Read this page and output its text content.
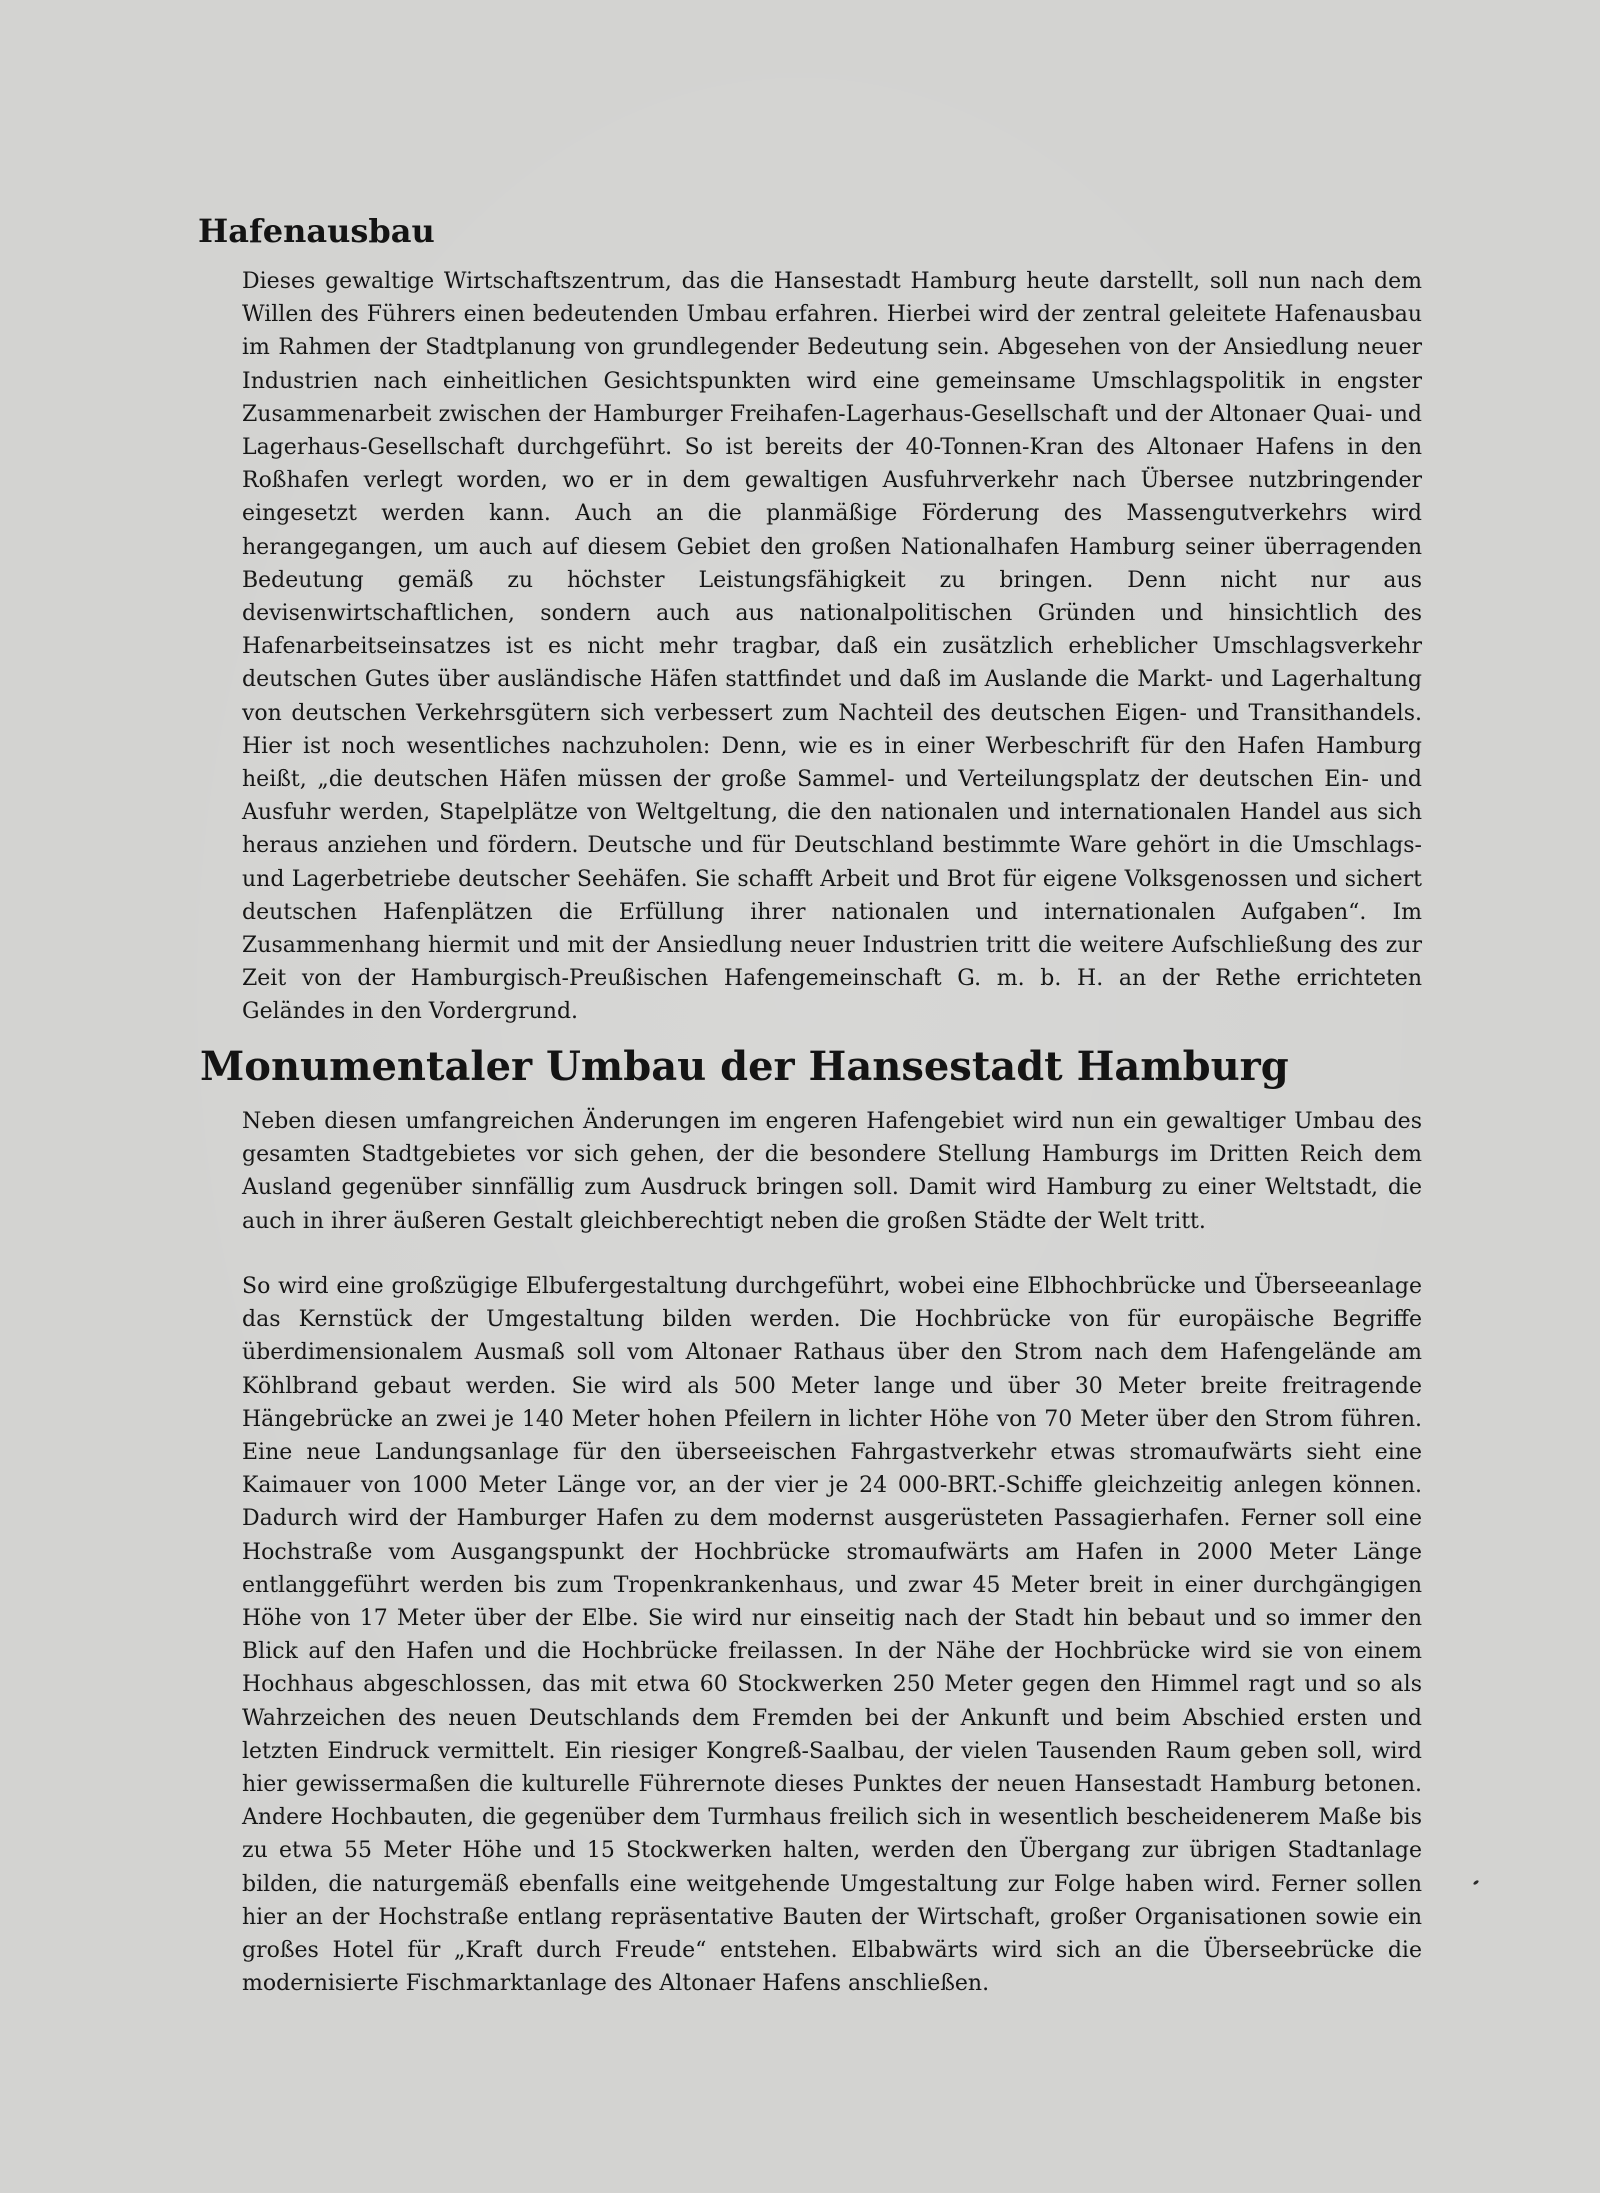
Hafenausbau

Dieses gewaltige Wirtschaftszentrum, das die Hansestadt Hamburg heute darstellt, soll nun nach dem Willen des Führers einen bedeutenden Umbau erfahren. Hierbei wird der zentral geleitete Hafenausbau im Rahmen der Stadtplanung von grundlegender Bedeutung sein. Abgesehen von der Ansiedlung neuer Industrien nach einheitlichen Gesichtspunkten wird eine gemeinsame Umschlagspolitik in engster Zusammenarbeit zwischen der Hamburger Freihafen-Lagerhaus-Gesellschaft und der Altonaer Quai- und Lagerhaus-Gesellschaft durchgeführt. So ist bereits der 40-Tonnen-Kran des Altonaer Hafens in den Roßhafen verlegt worden, wo er in dem gewaltigen Ausfuhrverkehr nach Übersee nutzbringender eingesetzt werden kann. Auch an die planmäßige Förderung des Massengutverkehrs wird herangegangen, um auch auf diesem Gebiet den großen Nationalhafen Hamburg seiner überragenden Bedeutung gemäß zu höchster Leistungsfähigkeit zu bringen. Denn nicht nur aus devisenwirtschaftlichen, sondern auch aus nationalpolitischen Gründen und hinsichtlich des Hafenarbeitseinsatzes ist es nicht mehr tragbar, daß ein zusätzlich erheblicher Umschlagsverkehr deutschen Gutes über ausländische Häfen stattfindet und daß im Auslande die Markt- und Lagerhaltung von deutschen Verkehrsgütern sich verbessert zum Nachteil des deutschen Eigen- und Transithandels. Hier ist noch wesentliches nachzuholen: Denn, wie es in einer Werbeschrift für den Hafen Hamburg heißt, „die deutschen Häfen müssen der große Sammel- und Verteilungsplatz der deutschen Ein- und Ausfuhr werden, Stapelplätze von Weltgeltung, die den nationalen und internationalen Handel aus sich heraus anziehen und fördern. Deutsche und für Deutschland bestimmte Ware gehört in die Umschlags- und Lagerbetriebe deutscher Seehäfen. Sie schafft Arbeit und Brot für eigene Volksgenossen und sichert deutschen Hafenplätzen die Erfüllung ihrer nationalen und internationalen Aufgaben“. Im Zusammenhang hiermit und mit der Ansiedlung neuer Industrien tritt die weitere Aufschließung des zur Zeit von der Hamburgisch-Preußischen Hafengemeinschaft G. m. b. H. an der Rethe errichteten Geländes in den Vordergrund.

Monumentaler Umbau der Hansestadt Hamburg

Neben diesen umfangreichen Änderungen im engeren Hafengebiet wird nun ein gewaltiger Umbau des gesamten Stadtgebietes vor sich gehen, der die besondere Stellung Hamburgs im Dritten Reich dem Ausland gegenüber sinnfällig zum Ausdruck bringen soll. Damit wird Hamburg zu einer Weltstadt, die auch in ihrer äußeren Gestalt gleichberechtigt neben die großen Städte der Welt tritt.

So wird eine großzügige Elbufergestaltung durchgeführt, wobei eine Elbhochbrücke und Überseeanlage das Kernstück der Umgestaltung bilden werden. Die Hochbrücke von für europäische Begriffe überdimensionalem Ausmaß soll vom Altonaer Rathaus über den Strom nach dem Hafengelände am Köhlbrand gebaut werden. Sie wird als 500 Meter lange und über 30 Meter breite freitragende Hängebrücke an zwei je 140 Meter hohen Pfeilern in lichter Höhe von 70 Meter über den Strom führen. Eine neue Landungsanlage für den überseeischen Fahrgastverkehr etwas stromaufwärts sieht eine Kaimauer von 1000 Meter Länge vor, an der vier je 24 000-BRT.-Schiffe gleichzeitig anlegen können. Dadurch wird der Hamburger Hafen zu dem modernst ausgerüsteten Passagierhafen. Ferner soll eine Hochstraße vom Ausgangspunkt der Hochbrücke stromaufwärts am Hafen in 2000 Meter Länge entlanggeführt werden bis zum Tropenkrankenhaus, und zwar 45 Meter breit in einer durchgängigen Höhe von 17 Meter über der Elbe. Sie wird nur einseitig nach der Stadt hin bebaut und so immer den Blick auf den Hafen und die Hochbrücke freilassen. In der Nähe der Hochbrücke wird sie von einem Hochhaus abgeschlossen, das mit etwa 60 Stockwerken 250 Meter gegen den Himmel ragt und so als Wahrzeichen des neuen Deutschlands dem Fremden bei der Ankunft und beim Abschied ersten und letzten Eindruck vermittelt. Ein riesiger Kongreß-Saalbau, der vielen Tausenden Raum geben soll, wird hier gewissermaßen die kulturelle Führernote dieses Punktes der neuen Hansestadt Hamburg betonen. Andere Hochbauten, die gegenüber dem Turmhaus freilich sich in wesentlich bescheidenerem Maße bis zu etwa 55 Meter Höhe und 15 Stockwerken halten, werden den Übergang zur übrigen Stadtanlage bilden, die naturgemäß ebenfalls eine weitgehende Umgestaltung zur Folge haben wird. Ferner sollen hier an der Hochstraße entlang repräsentative Bauten der Wirtschaft, großer Organisationen sowie ein großes Hotel für „Kraft durch Freude“ entstehen. Elbabwärts wird sich an die Überseebrücke die modernisierte Fischmarktanlage des Altonaer Hafens anschließen.
